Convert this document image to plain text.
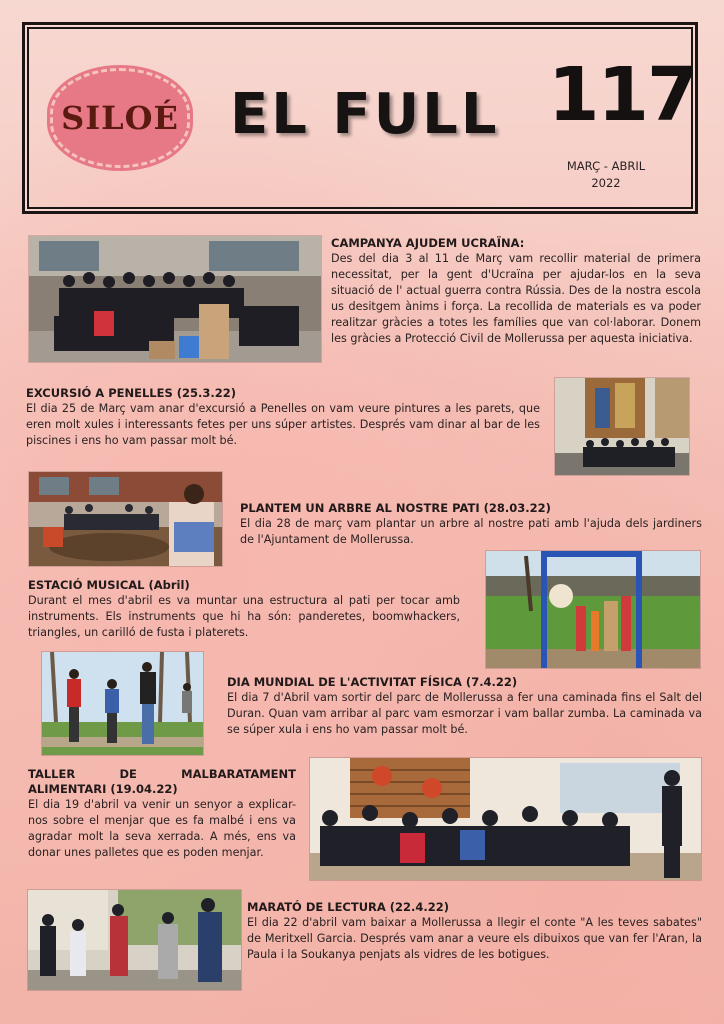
SILOÉ EL FULL 117
MARÇ - ABRIL
2022
CAMPANYA AJUDEM UCRAÏNA:

Des del dia 3 al 11 de Març vam recollir material de primera necessitat, per la gent d'Ucraïna per ajudar-los en la seva situació de l' actual guerra contra Rússia. Des de la nostra escola us desitgem ànims i força. La recollida de materials es va poder realitzar gràcies a totes les famílies que van col·laborar. Donem les gràcies a Protecció Civil de Mollerussa per aquesta iniciativa.

EXCURSIÓ A PENELLES (25.3.22)

El dia 25 de Març vam anar d'excursió a Penelles on vam veure pintures a les parets, que eren molt xules i interessants fetes per uns súper artistes. Després vam dinar al bar de les piscines i ens ho vam passar molt bé.

PLANTEM UN ARBRE AL NOSTRE PATI (28.03.22)

El dia 28 de març vam plantar un arbre al nostre pati amb l'ajuda dels jardiners de l'Ajuntament de Mollerussa.

ESTACIÓ MUSICAL (Abril)

Durant el mes d'abril es va muntar una estructura al pati per tocar amb instruments. Els instruments que hi ha són: panderetes, boomwhackers, triangles, un carilló de fusta i platerets.

DIA MUNDIAL DE L'ACTIVITAT FÍSICA (7.4.22)

El dia 7 d'Abril vam sortir del parc de Mollerussa a fer una caminada fins el Salt del Duran. Quan vam arribar al parc vam esmorzar i vam ballar zumba. La caminada va se súper xula i ens ho vam passar molt bé.

TALLER DE MALBARATAMENT ALIMENTARI (19.04.22)

El dia 19 d'abril va venir un senyor a explicar-nos sobre el menjar que es fa malbé i ens va agradar molt la seva xerrada. A més, ens va donar unes palletes que es poden menjar.

MARATÓ DE LECTURA (22.4.22)

El dia 22 d'abril vam baixar a Mollerussa a llegir el conte "A les teves sabates" de Meritxell Garcia. Després vam anar a veure els dibuixos que van fer l'Aran, la Paula i la Soukanya penjats als vidres de les botigues.
